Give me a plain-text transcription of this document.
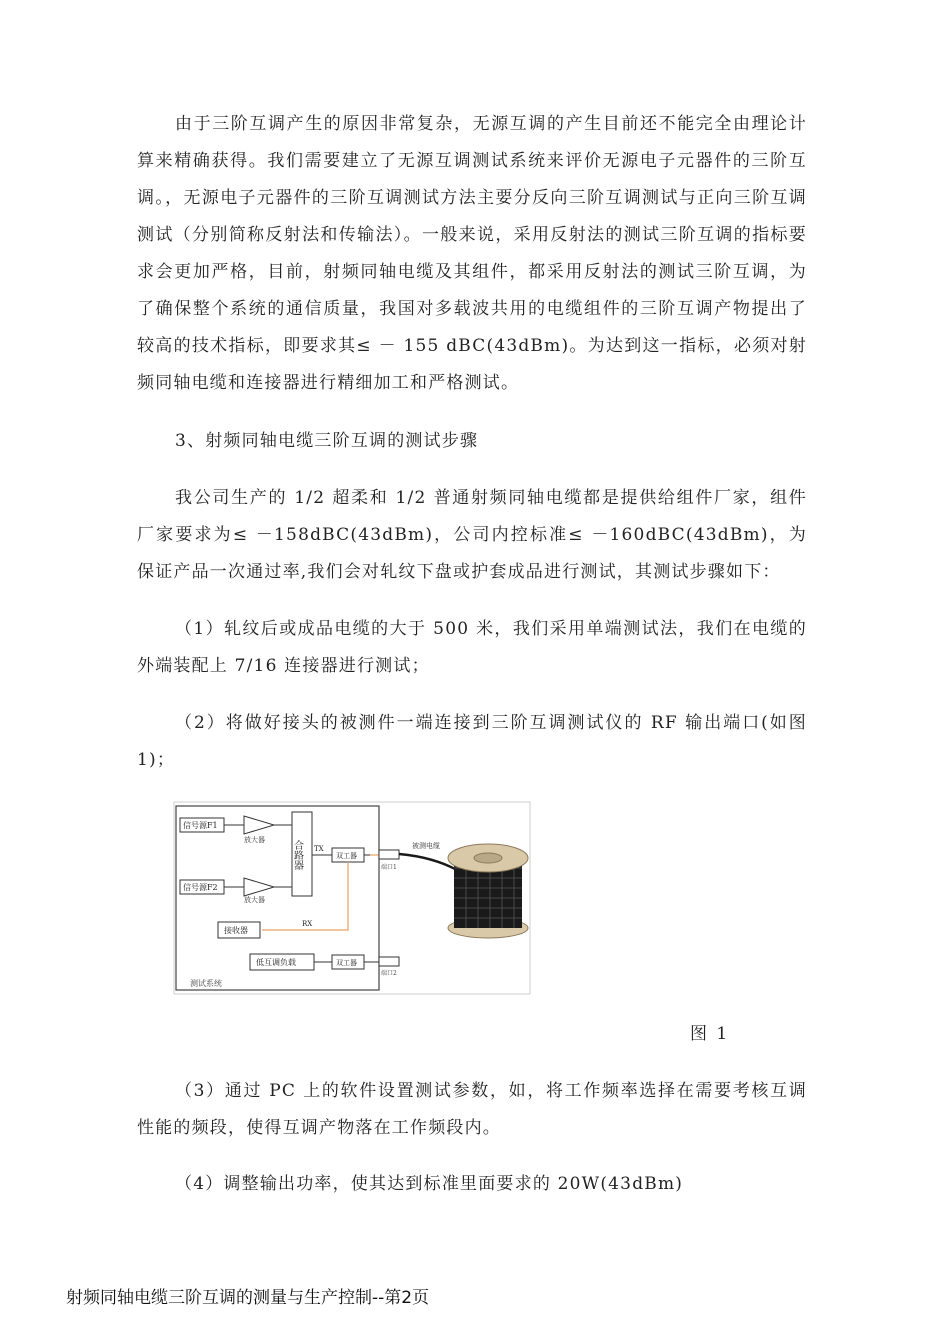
由于三阶互调产生的原因非常复杂，无源互调的产生目前还不能完全由理论计算来精确获得。我们需要建立了无源互调测试系统来评价无源电子元器件的三阶互调。，无源电子元器件的三阶互调测试方法主要分反向三阶互调测试与正向三阶互调测试（分别简称反射法和传输法）。一般来说，采用反射法的测试三阶互调的指标要求会更加严格，目前，射频同轴电缆及其组件，都采用反射法的测试三阶互调，为了确保整个系统的通信质量，我国对多载波共用的电缆组件的三阶互调产物提出了较高的技术指标，即要求其≤ － 155 dBC(43dBm)。为达到这一指标，必须对射频同轴电缆和连接器进行精细加工和严格测试。

3、射频同轴电缆三阶互调的测试步骤

我公司生产的 1/2 超柔和 1/2 普通射频同轴电缆都是提供给组件厂家，组件厂家要求为≤ －158dBC(43dBm)，公司内控标准≤ －160dBC(43dBm)，为保证产品一次通过率,我们会对轧纹下盘或护套成品进行测试，其测试步骤如下：

（1）轧纹后或成品电缆的大于 500 米，我们采用单端测试法，我们在电缆的外端装配上 7/16 连接器进行测试；

（2）将做好接头的被测件一端连接到三阶互调测试仪的 RF 输出端口(如图 1)；

测试系统
信号源F1
放大器
信号源F2
放大器
合路器 TX
双工器
RX
接收器
低互调负载	双工器
端口1
端口2
被测电缆
图 1

（3）通过 PC 上的软件设置测试参数，如，将工作频率选择在需要考核互调性能的频段，使得互调产物落在工作频段内。

（4）调整输出功率，使其达到标准里面要求的 20W(43dBm)

射频同轴电缆三阶互调的测量与生产控制--第2页
